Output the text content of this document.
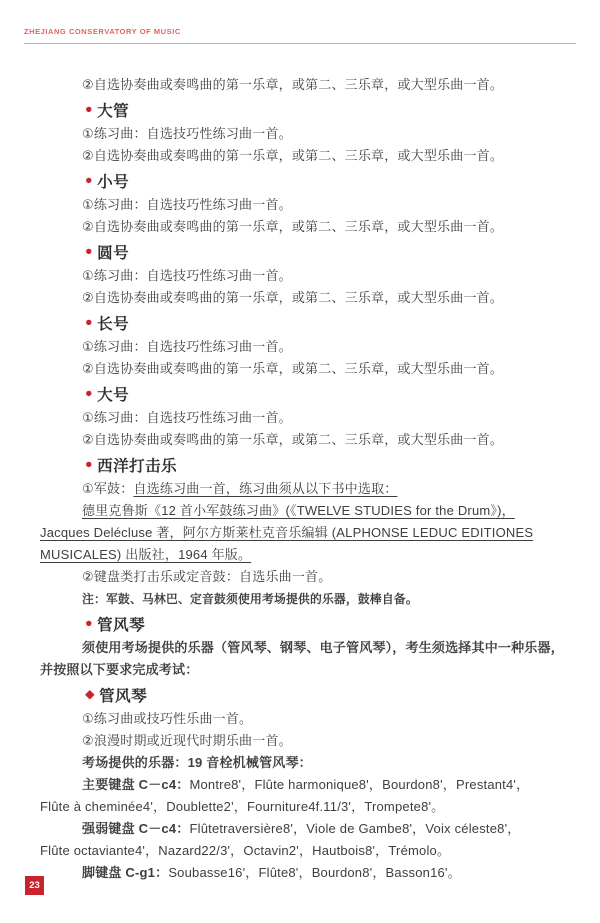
ZHEJIANG CONSERVATORY OF MUSIC
②自选协奏曲或奏鸣曲的第一乐章，或第二、三乐章，或大型乐曲一首。
●
大管
①练习曲：自选技巧性练习曲一首。
②自选协奏曲或奏鸣曲的第一乐章，或第二、三乐章，或大型乐曲一首。
●
小号
①练习曲：自选技巧性练习曲一首。
②自选协奏曲或奏鸣曲的第一乐章，或第二、三乐章，或大型乐曲一首。
●
圆号
①练习曲：自选技巧性练习曲一首。
②自选协奏曲或奏鸣曲的第一乐章，或第二、三乐章，或大型乐曲一首。
●
长号
①练习曲：自选技巧性练习曲一首。
②自选协奏曲或奏鸣曲的第一乐章，或第二、三乐章，或大型乐曲一首。
●
大号
①练习曲：自选技巧性练习曲一首。
②自选协奏曲或奏鸣曲的第一乐章，或第二、三乐章，或大型乐曲一首。
●
西洋打击乐
①军鼓：自选练习曲一首，练习曲须从以下书中选取：
德里克鲁斯《12 首小军鼓练习曲》(《TWELVE STUDIES for the Drum》)，
Jacques Delécluse 著，阿尔方斯莱杜克音乐编辑 (ALPHONSE LEDUC EDITIONES
MUSICALES) 出版社，1964 年版。
②键盘类打击乐或定音鼓：自选乐曲一首。
注：军鼓、马林巴、定音鼓须使用考场提供的乐器，鼓棒自备。
●
管风琴
须使用考场提供的乐器（管风琴、钢琴、电子管风琴），考生须选择其中一种乐器，
并按照以下要求完成考试：
◆
管风琴
①练习曲或技巧性乐曲一首。
②浪漫时期或近现代时期乐曲一首。
考场提供的乐器：19 音栓机械管风琴：
主要键盘 C－c4：Montre8'，Flûte harmonique8'，Bourdon8'，Prestant4'，
Flûte à cheminée4'，Doublette2'，Fourniture4f.11/3'，Trompete8'。
强弱键盘 C－c4：Flûtetraversière8'，Viole de Gambe8'，Voix céleste8'，
Flûte octaviante4'，Nazard22/3'，Octavin2'，Hautbois8'，Trémolo。
脚键盘 C-g1：Soubasse16'，Flûte8'，Bourdon8'，Basson16'。
23
